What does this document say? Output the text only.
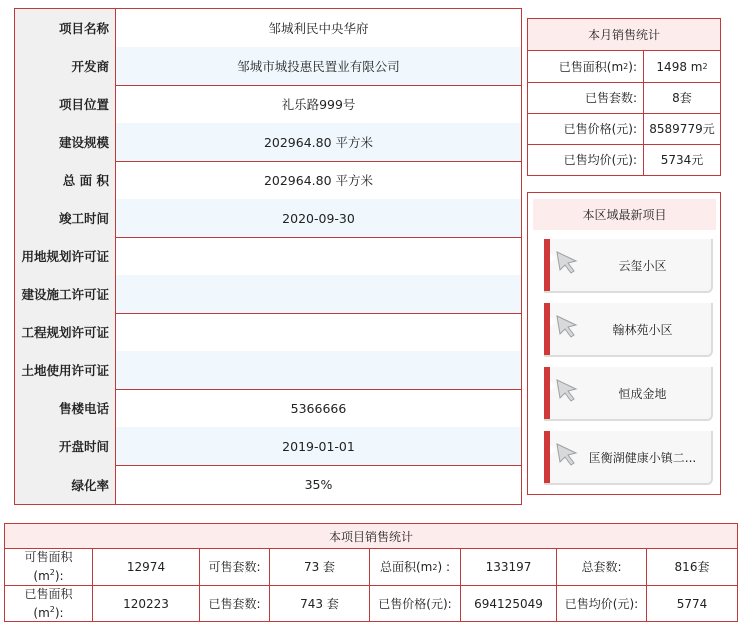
项目名称	邹城利民中央华府
开发商	邹城市城投惠民置业有限公司
项目位置	礼乐路999号
建设规模	202964.80 平方米
总 面 积	202964.80 平方米
竣工时间	2020-09-30
用地规划许可证
建设施工许可证
工程规划许可证
土地使用许可证
售楼电话	5366666
开盘时间	2019-01-01
绿化率	35%
本月销售统计
已售面积(m 2 ): 1498 m 2
已售套数:	8套
已售价格(元):	8589779元
已售均价(元):	5734元
本区域最新项目
云玺小区
翰林苑小区
恒成金地
匡衡湖健康小镇二...
本项目销售统计
可售面积
$(m^2)$:
12974	可售套数:	73 套	总面积(m 2 ) :	133197	总套数:	816套
已售面积
$(m^2)$:
120223	已售套数:	743 套	已售价格(元):	694125049	已售均价(元):	5774
